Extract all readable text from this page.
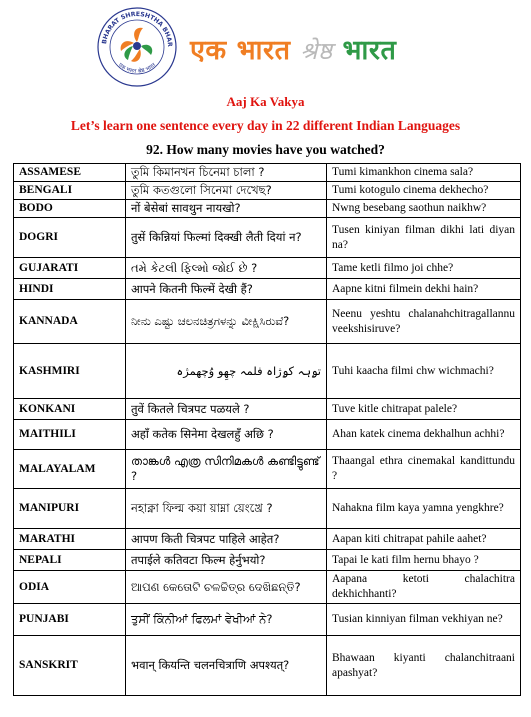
BHARAT SHRESHTHA BHAR
एक भारत श्रेष्ठ भारत एक भारत श्रेष्ठ भारत
Aaj Ka Vakya
Let’s learn one sentence every day in 22 different Indian Languages
92. How many movies have you watched?
ASSAMESE	তুমি কিমানখন চিনেমা চালা ?	Tumi kimankhon cinema sala?
BENGALI	তুমি কতগুলো সিনেমা দেখেছ?	Tumi kotogulo cinema dekhecho?
BODO	नों बेसेबां सावथुन नायखो?	Nwng besebang saothun naikhw?
DOGRI	तुसें किन्नियां फिल्मां दिक्खी लैती दियां न?	Tusen kiniyan filman dikhi lati diyan na?
GUJARATI	તમે કેટલી ફિલ્મો જોઈ છે ?	Tame ketli filmo joi chhe?
HINDI	आपने कितनी फिल्में देखी हैं?	Aapne kitni filmein dekhi hain?
KANNADA	ನೀನು ಎಷ್ಟು ಚಲನಚಿತ್ರಗಳನ್ನು ವೀಕ್ಷಿಸಿರುವೆ?	Neenu yeshtu chalanahchitragallannu veekshisiruve?
KASHMIRI	تۄہہ کۄژاہ فلمہ چھِو وُچھمژہ	Tuhi kaacha filmi chw wichmachi?
KONKANI	तुवें कितले चित्रपट पळयले ?	Tuve kitle chitrapat palele?
MAITHILI	अहाँ कतेक सिनेमा देखलहुँ अछि ?	Ahan katek cinema dekhalhun achhi?
MALAYALAM	താങ്കൾ എത്ര സിനിമകൾ കണ്ടിട്ടുണ്ട് ?	Thaangal ethra cinemakal kandittundu ?
MANIPURI	নহাক্না ফিল্ম কয়া য়াম্না য়েংখ্রে ?	Nahakna film kaya yamna yengkhre?
MARATHI	आपण किती चित्रपट पाहिले आहेत?	Aapan kiti chitrapat pahile aahet?
NEPALI	तपाईले कतिवटा फिल्म हेर्नुभयो?	Tapai le kati film hernu bhayo ?
ODIA	ଆପଣ କେତୋଟି ଚଳଚ୍ଚିତ୍ର ଦେଖିଛନ୍ତି?	Aapana ketoti chalachitra dekhichhanti?
PUNJABI	ਤੁਸੀਂ ਕਿੰਨੀਆਂ ਫਿਲਮਾਂ ਵੇਖੀਆਂ ਨੇ?	Tusian kinniyan filman vekhiyan ne?
SANSKRIT	भवान् कियन्ति चलनचित्राणि अपश्यत्?	Bhawaan kiyanti chalanchitraani apashyat?
